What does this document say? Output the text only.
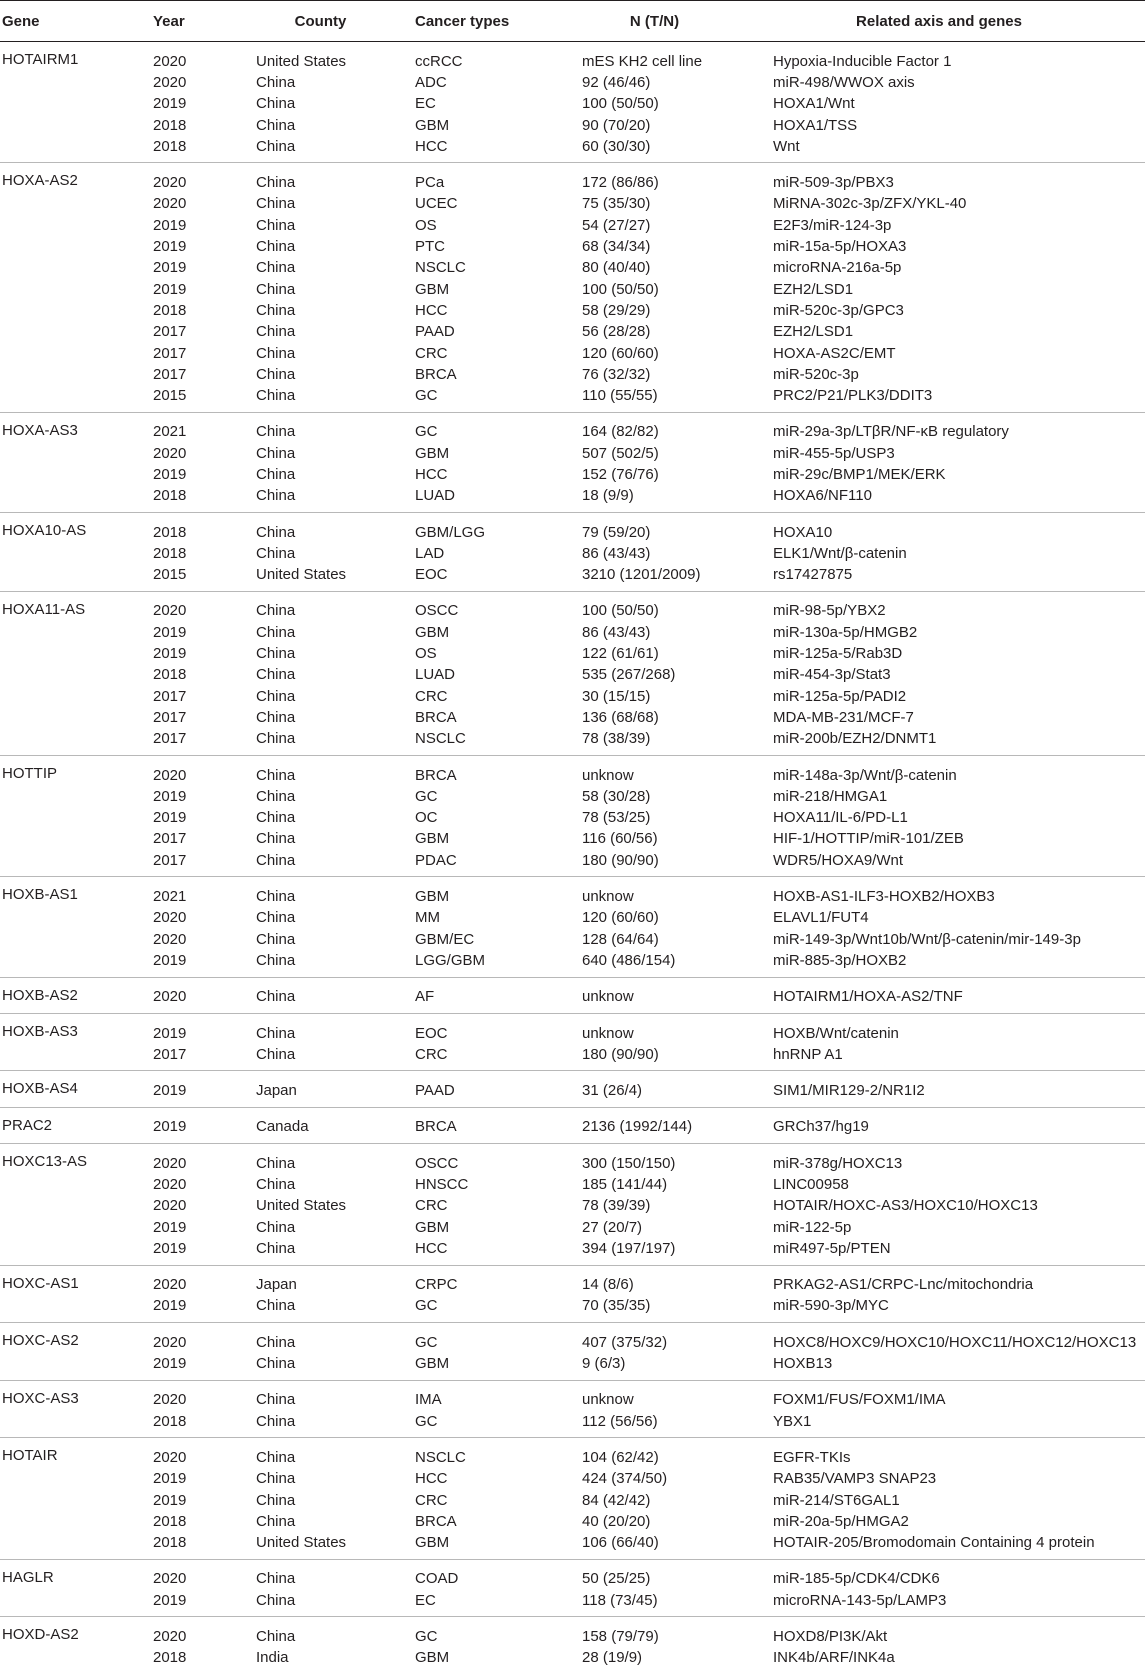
Gene	Year	County	Cancer types	N (T/N)	Related axis and genes
HOTAIRM1	2020	United States	ccRCC	mES KH2 cell line	Hypoxia-Inducible Factor 1
	2020	China	ADC	92 (46/46)	miR-498/WWOX axis
	2019	China	EC	100 (50/50)	HOXA1/Wnt
	2018	China	GBM	90 (70/20)	HOXA1/TSS
	2018	China	HCC	60 (30/30)	Wnt
HOXA-AS2	2020	China	PCa	172 (86/86)	miR-509-3p/PBX3
	2020	China	UCEC	75 (35/30)	MiRNA-302c-3p/ZFX/YKL-40
	2019	China	OS	54 (27/27)	E2F3/miR-124-3p
	2019	China	PTC	68 (34/34)	miR-15a-5p/HOXA3
	2019	China	NSCLC	80 (40/40)	microRNA-216a-5p
	2019	China	GBM	100 (50/50)	EZH2/LSD1
	2018	China	HCC	58 (29/29)	miR-520c-3p/GPC3
	2017	China	PAAD	56 (28/28)	EZH2/LSD1
	2017	China	CRC	120 (60/60)	HOXA-AS2C/EMT
	2017	China	BRCA	76 (32/32)	miR-520c-3p
	2015	China	GC	110 (55/55)	PRC2/P21/PLK3/DDIT3
HOXA-AS3	2021	China	GC	164 (82/82)	miR-29a-3p/LTβR/NF-κB regulatory
	2020	China	GBM	507 (502/5)	miR-455-5p/USP3
	2019	China	HCC	152 (76/76)	miR-29c/BMP1/MEK/ERK
	2018	China	LUAD	18 (9/9)	HOXA6/NF110
HOXA10-AS	2018	China	GBM/LGG	79 (59/20)	HOXA10
	2018	China	LAD	86 (43/43)	ELK1/Wnt/β-catenin
	2015	United States	EOC	3210 (1201/2009)	rs17427875
HOXA11-AS	2020	China	OSCC	100 (50/50)	miR-98-5p/YBX2
	2019	China	GBM	86 (43/43)	miR-130a-5p/HMGB2
	2019	China	OS	122 (61/61)	miR-125a-5/Rab3D
	2018	China	LUAD	535 (267/268)	miR-454-3p/Stat3
	2017	China	CRC	30 (15/15)	miR-125a-5p/PADI2
	2017	China	BRCA	136 (68/68)	MDA-MB-231/MCF-7
	2017	China	NSCLC	78 (38/39)	miR-200b/EZH2/DNMT1
HOTTIP	2020	China	BRCA	unknow	miR-148a-3p/Wnt/β-catenin
	2019	China	GC	58 (30/28)	miR-218/HMGA1
	2019	China	OC	78 (53/25)	HOXA11/IL-6/PD-L1
	2017	China	GBM	116 (60/56)	HIF-1/HOTTIP/miR-101/ZEB
	2017	China	PDAC	180 (90/90)	WDR5/HOXA9/Wnt
HOXB-AS1	2021	China	GBM	unknow	HOXB-AS1-ILF3-HOXB2/HOXB3
	2020	China	MM	120 (60/60)	ELAVL1/FUT4
	2020	China	GBM/EC	128 (64/64)	miR-149-3p/Wnt10b/Wnt/β-catenin/mir-149-3p
	2019	China	LGG/GBM	640 (486/154)	miR-885-3p/HOXB2
HOXB-AS2	2020	China	AF	unknow	HOTAIRM1/HOXA-AS2/TNF
HOXB-AS3	2019	China	EOC	unknow	HOXB/Wnt/catenin
	2017	China	CRC	180 (90/90)	hnRNP A1
HOXB-AS4	2019	Japan	PAAD	31 (26/4)	SIM1/MIR129-2/NR1I2
PRAC2	2019	Canada	BRCA	2136 (1992/144)	GRCh37/hg19
HOXC13-AS	2020	China	OSCC	300 (150/150)	miR-378g/HOXC13
	2020	China	HNSCC	185 (141/44)	LINC00958
	2020	United States	CRC	78 (39/39)	HOTAIR/HOXC-AS3/HOXC10/HOXC13
	2019	China	GBM	27 (20/7)	miR-122-5p
	2019	China	HCC	394 (197/197)	miR497-5p/PTEN
HOXC-AS1	2020	Japan	CRPC	14 (8/6)	PRKAG2-AS1/CRPC-Lnc/mitochondria
	2019	China	GC	70 (35/35)	miR-590-3p/MYC
HOXC-AS2	2020	China	GC	407 (375/32)	HOXC8/HOXC9/HOXC10/HOXC11/HOXC12/HOXC13
	2019	China	GBM	9 (6/3)	HOXB13
HOXC-AS3	2020	China	IMA	unknow	FOXM1/FUS/FOXM1/IMA
	2018	China	GC	112 (56/56)	YBX1
HOTAIR	2020	China	NSCLC	104 (62/42)	EGFR-TKIs
	2019	China	HCC	424 (374/50)	RAB35/VAMP3 SNAP23
	2019	China	CRC	84 (42/42)	miR-214/ST6GAL1
	2018	China	BRCA	40 (20/20)	miR-20a-5p/HMGA2
	2018	United States	GBM	106 (66/40)	HOTAIR-205/Bromodomain Containing 4 protein
HAGLR	2020	China	COAD	50 (25/25)	miR-185-5p/CDK4/CDK6
	2019	China	EC	118 (73/45)	microRNA-143-5p/LAMP3
HOXD-AS2	2020	China	GC	158 (79/79)	HOXD8/PI3K/Akt
	2018	India	GBM	28 (19/9)	INK4b/ARF/INK4a
